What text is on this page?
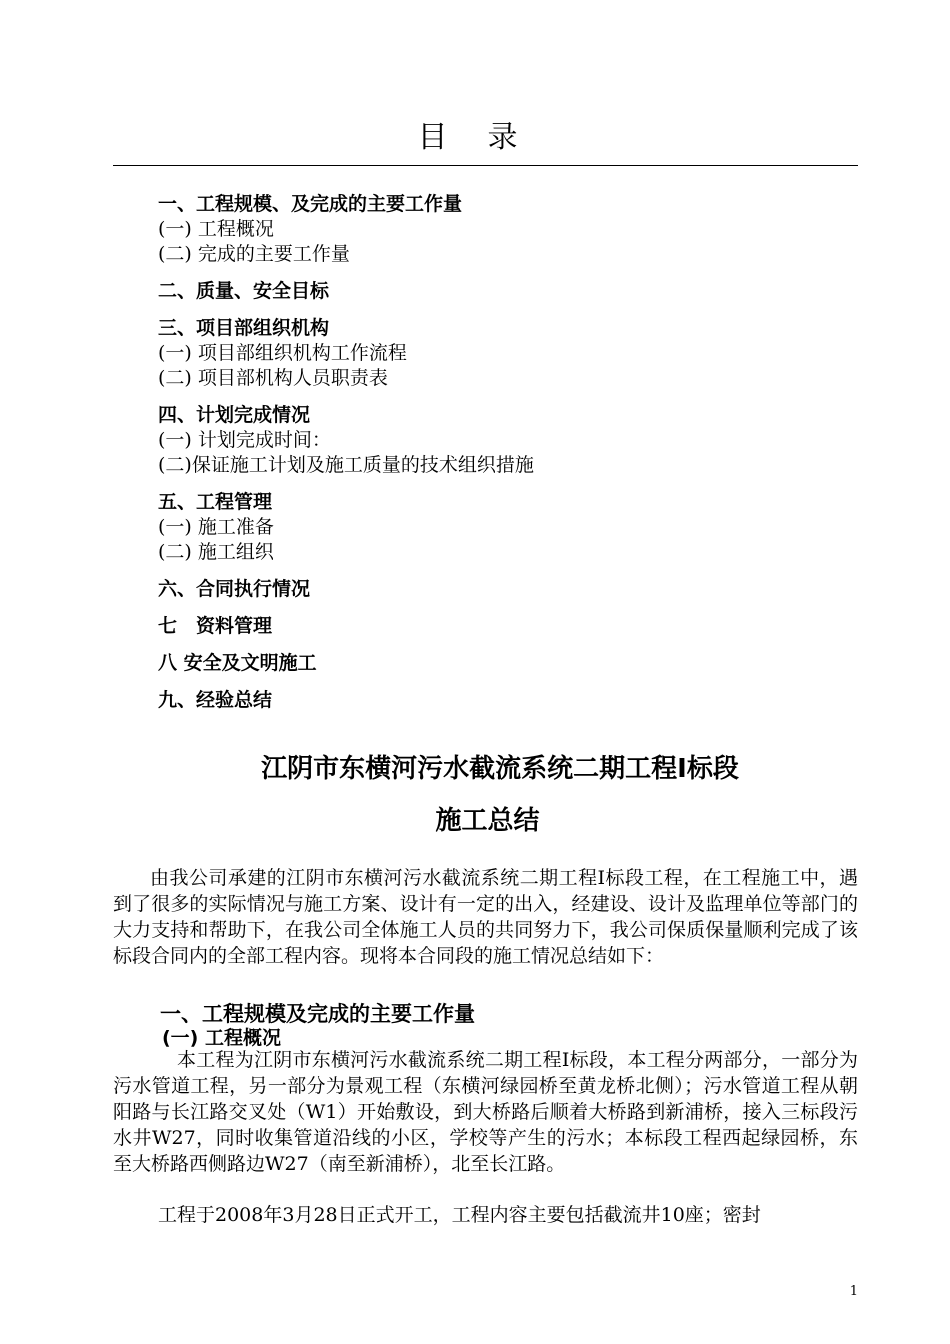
目录
一、工程规模、及完成的主要工作量
(一) 工程概况
(二) 完成的主要工作量
二、质量、安全目标
三、项目部组织机构
(一) 项目部组织机构工作流程
(二) 项目部机构人员职责表
四、计划完成情况
(一) 计划完成时间：
(二)保证施工计划及施工质量的技术组织措施
五、工程管理
(一) 施工准备
(二) 施工组织
六、合同执行情况
七　资料管理
八 安全及文明施工
九、经验总结
江阴市东横河污水截流系统二期工程Ⅰ标段
施工总结
由我公司承建的江阴市东横河污水截流系统二期工程Ⅰ标段工程，在工程施工中，遇到了很多的实际情况与施工方案、设计有一定的出入，经建设、设计及监理单位等部门的大力支持和帮助下，在我公司全体施工人员的共同努力下，我公司保质保量顺利完成了该标段合同内的全部工程内容。现将本合同段的施工情况总结如下：
一、工程规模及完成的主要工作量
(一) 工程概况
本工程为江阴市东横河污水截流系统二期工程Ⅰ标段，本工程分两部分，一部分为污水管道工程，另一部分为景观工程（东横河绿园桥至黄龙桥北侧）；污水管道工程从朝阳路与长江路交叉处（W1）开始敷设，到大桥路后顺着大桥路到新浦桥，接入三标段污水井W27，同时收集管道沿线的小区，学校等产生的污水；本标段工程西起绿园桥，东至大桥路西侧路边W27（南至新浦桥），北至长江路。
工程于2008年3月28日正式开工，工程内容主要包括截流井10座；密封
1
